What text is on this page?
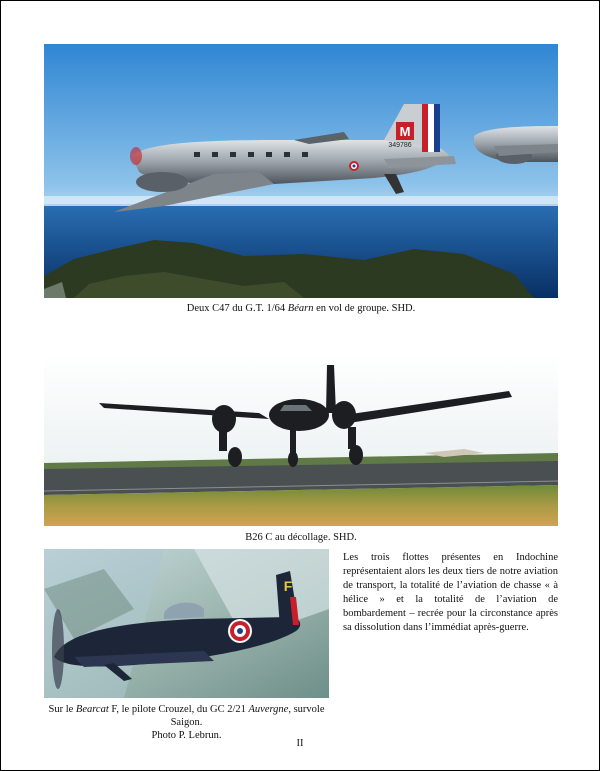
M
349786
Deux C47 du G.T. 1/64 Béarn en vol de groupe. SHD.
B26 C au décollage. SHD.
F
Sur le Bearcat F, le pilote Crouzel, du GC 2/21 Auvergne, survole Saigon.
Photo P. Lebrun.

Les trois flottes présentes en Indochine représentaient alors les deux tiers de notre aviation de transport, la totalité de l’aviation de chasse « à hélice » et la totalité de l’aviation de bombardement – recrée pour la circonstance après sa dissolution dans l’immédiat après-guerre.

II
